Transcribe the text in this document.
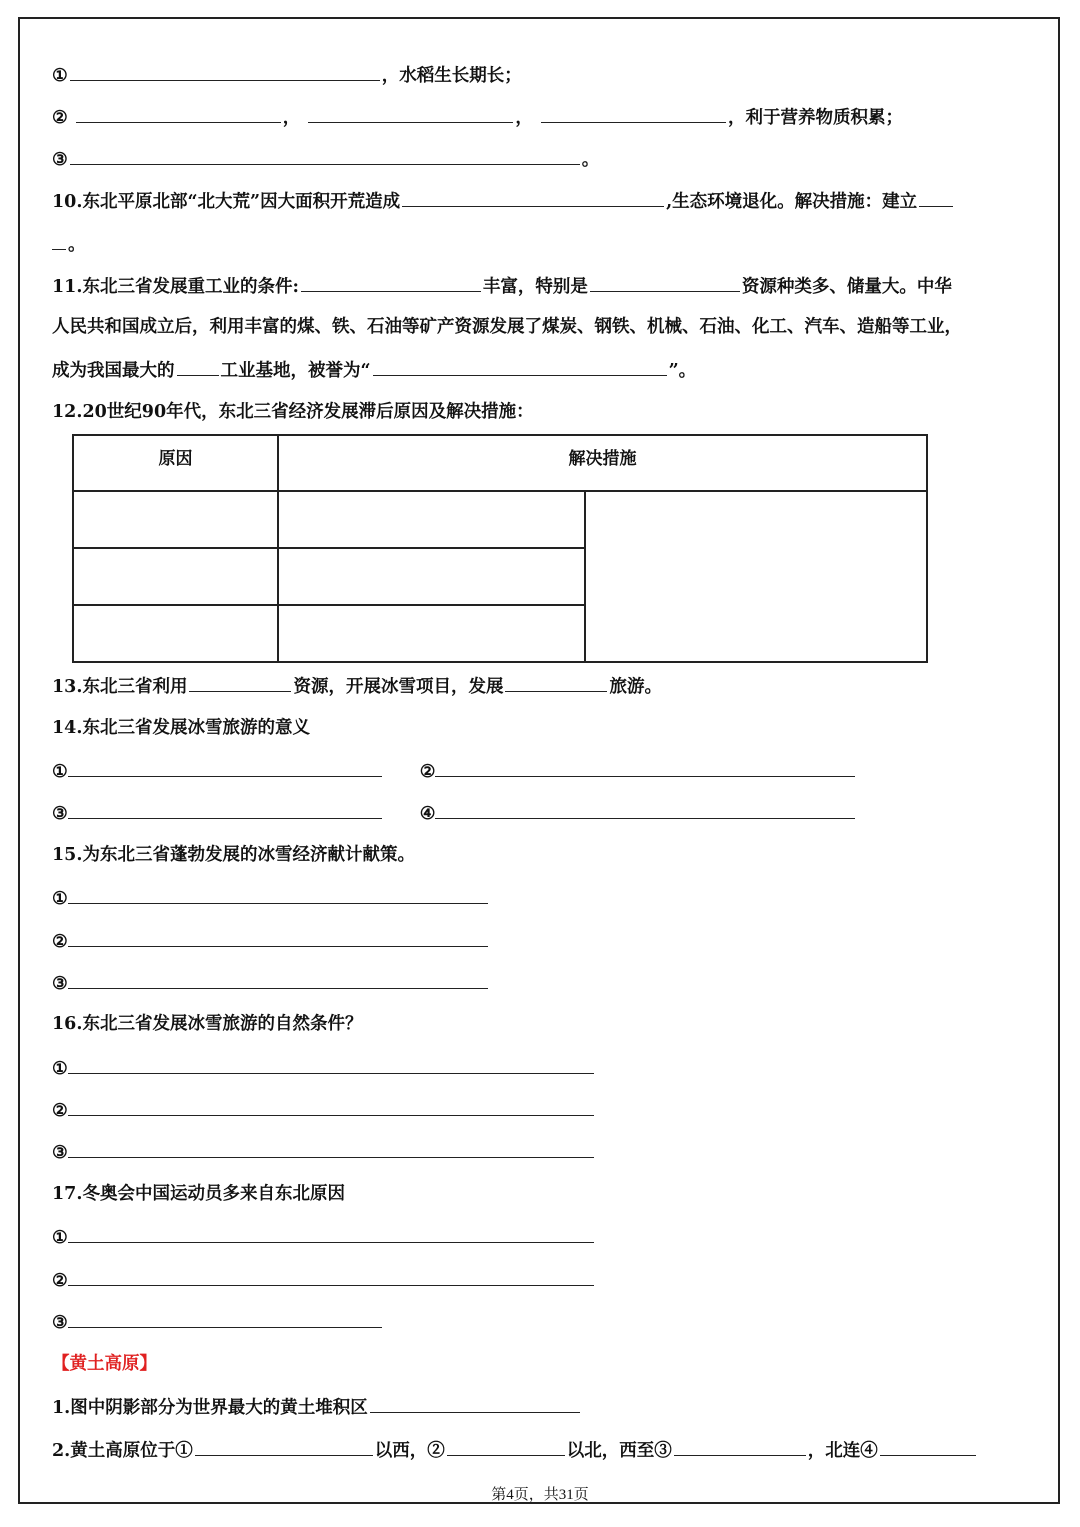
①	，水稻生长期长；
②	，	，	，利于营养物质积累；
③	。
10.东北平原北部“北大荒”因大面积开荒造成	,生态环境退化。解决措施：建立
。
11.东北三省发展重工业的条件:	丰富，特别是	资源种类多、储量大。中华
人民共和国成立后，利用丰富的煤、铁、石油等矿产资源发展了煤炭、钢铁、机械、石油、化工、汽车、造船等工业，
成为我国最大的	工业基地，被誉为“	”。
12.20世纪90年代，东北三省经济发展滞后原因及解决措施：
原因	解决措施	

13.东北三省利用	资源，开展冰雪项目，发展	旅游。
14.东北三省发展冰雪旅游的意义
①	②
③	④
15.为东北三省蓬勃发展的冰雪经济献计献策。
①
②
③
16.东北三省发展冰雪旅游的自然条件？
①
②
③
17.冬奥会中国运动员多来自东北原因
①
②
③
【黄土高原】
1.图中阴影部分为世界最大的黄土堆积区
2.黄土高原位于①	以西，②	以北，西至③	，北连④
第4页，共31页
